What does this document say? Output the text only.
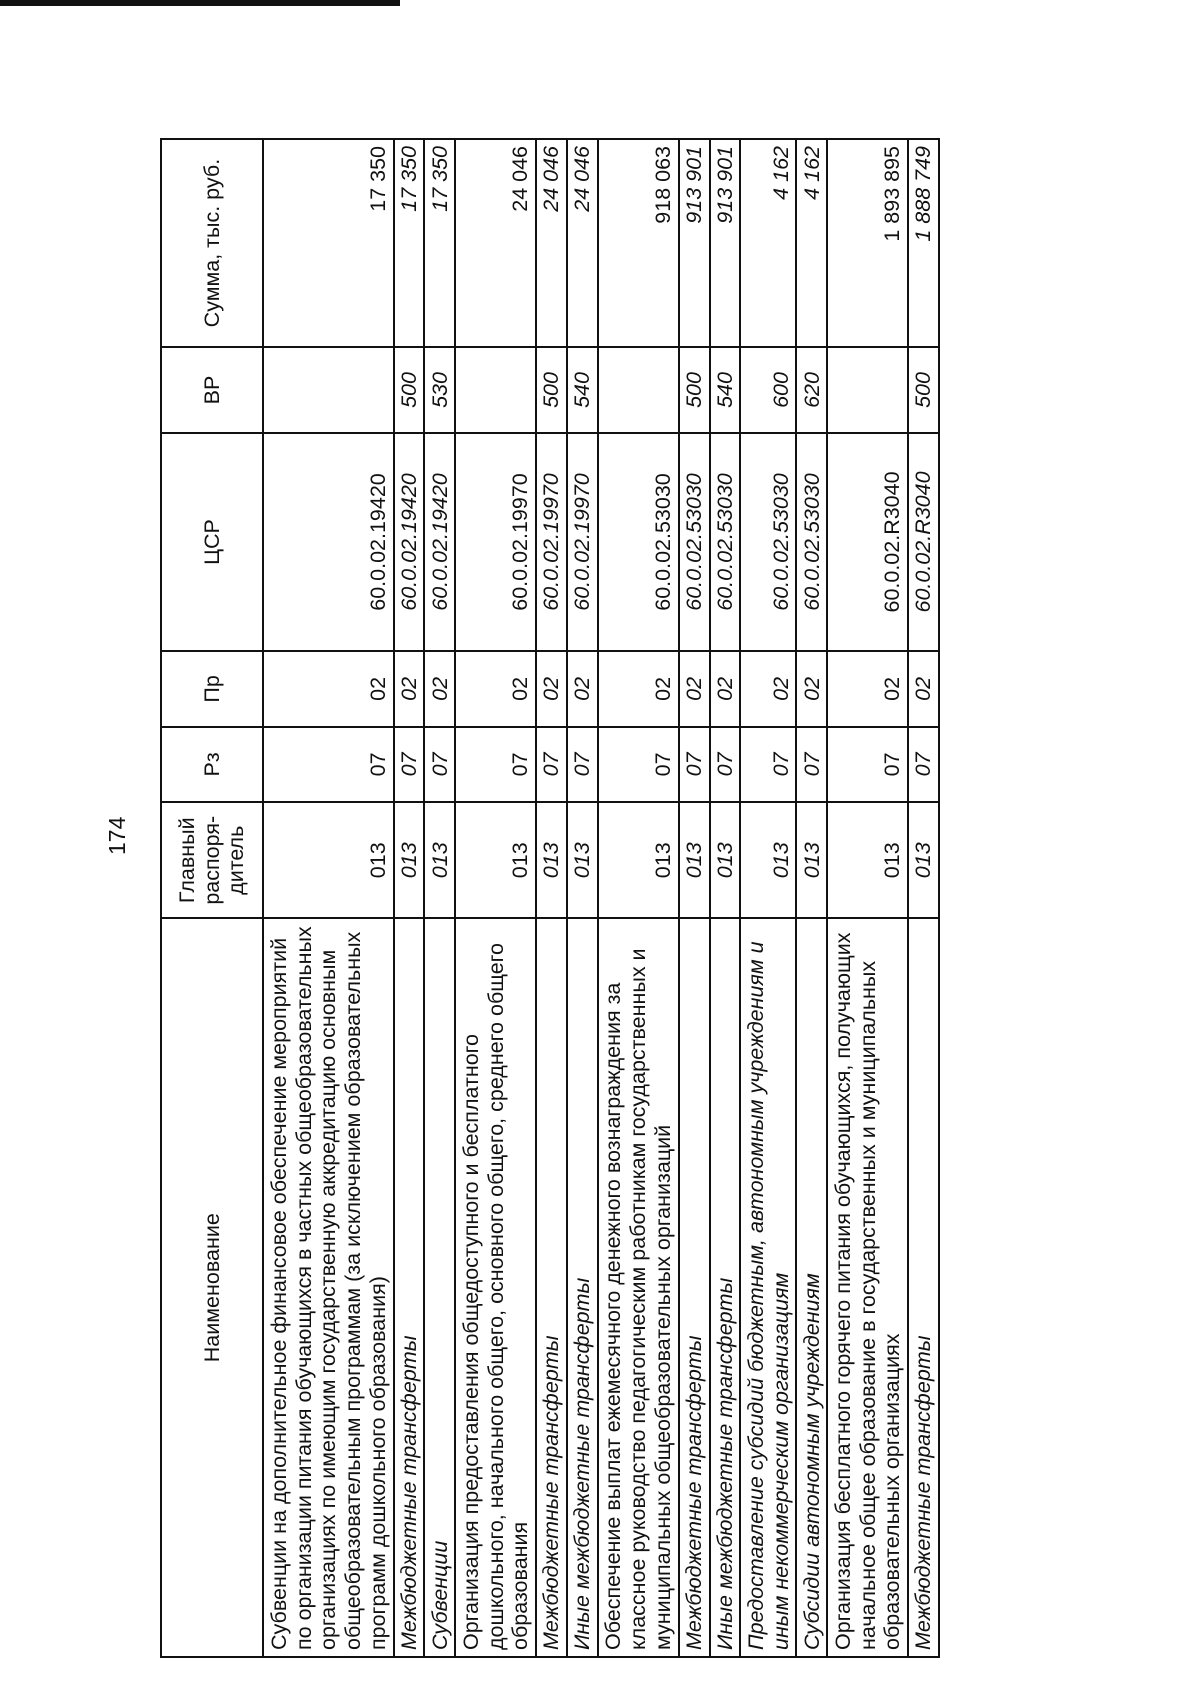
174
Наименование	Главный распоря-дитель	Рз	Пр	ЦСР	ВР	Сумма, тыс. руб.
Субвенции на дополнительное финансовое обеспечение мероприятий по организации питания обучающихся в частных общеобразовательных организациях по имеющим государственную аккредитацию основным общеобразовательным программам (за исключением образовательных программ дошкольного образования)	013	07	02	60.0.02.19420		17 350
Межбюджетные трансферты	013	07	02	60.0.02.19420	500	17 350
Субвенции	013	07	02	60.0.02.19420	530	17 350
Организация предоставления общедоступного и бесплатного дошкольного, начального общего, основного общего, среднего общего образования	013	07	02	60.0.02.19970		24 046
Межбюджетные трансферты	013	07	02	60.0.02.19970	500	24 046
Иные межбюджетные трансферты	013	07	02	60.0.02.19970	540	24 046
Обеспечение выплат ежемесячного денежного вознаграждения за классное руководство педагогическим работникам государственных и муниципальных общеобразовательных организаций	013	07	02	60.0.02.53030		918 063
Межбюджетные трансферты	013	07	02	60.0.02.53030	500	913 901
Иные межбюджетные трансферты	013	07	02	60.0.02.53030	540	913 901
Предоставление субсидий бюджетным, автономным учреждениям и иным некоммерческим организациям	013	07	02	60.0.02.53030	600	4 162
Субсидии автономным учреждениям	013	07	02	60.0.02.53030	620	4 162
Организация бесплатного горячего питания обучающихся, получающих начальное общее образование в государственных и муниципальных образовательных организациях	013	07	02	60.0.02.R3040		1 893 895
Межбюджетные трансферты	013	07	02	60.0.02.R3040	500	1 888 749
